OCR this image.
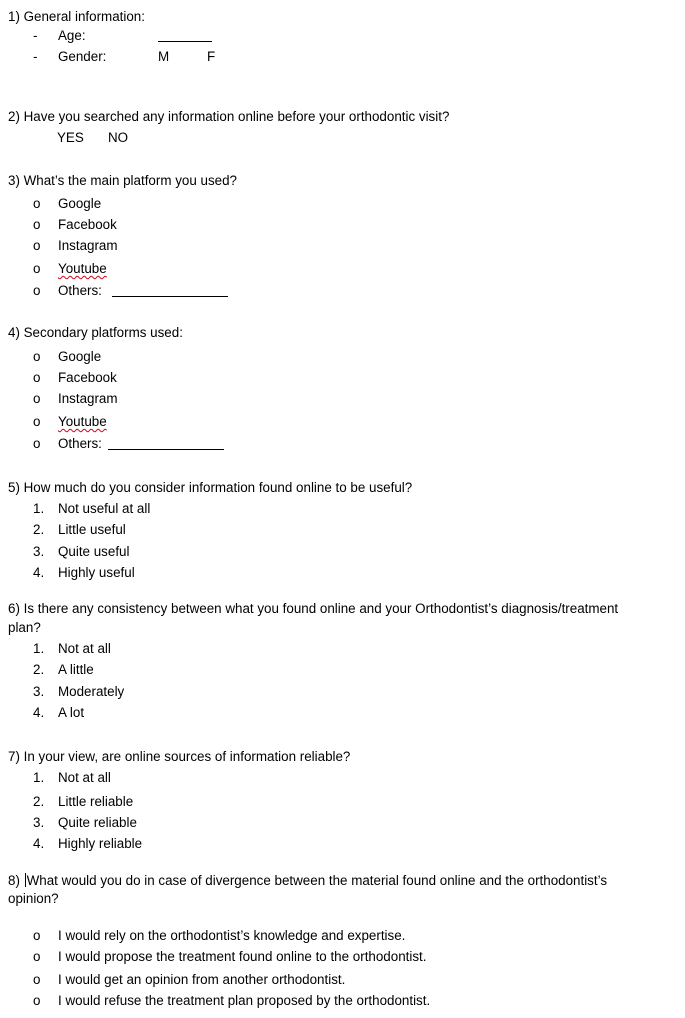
1) General information:
- Age:
- Gender:	M	F
2) Have you searched any information online before your orthodontic visit?
YES NO
3) What’s the main platform you used?
o Google
o Facebook
o Instagram
o Youtube
o Others:
4) Secondary platforms used:
o Google
o Facebook
o Instagram
o Youtube
o Others:
5) How much do you consider information found online to be useful?
1. Not useful at all
2. Little useful
3. Quite useful
4. Highly useful
6) Is there any consistency between what you found online and your Orthodontist’s diagnosis/treatment
plan?
1. Not at all
2. A little
3. Moderately
4. A lot
7) In your view, are online sources of information reliable?
1. Not at all
2. Little reliable
3. Quite reliable
4. Highly reliable
8) What would you do in case of divergence between the material found online and the orthodontist’s
opinion?
o I would rely on the orthodontist’s knowledge and expertise.
o I would propose the treatment found online to the orthodontist.
o I would get an opinion from another orthodontist.
o I would refuse the treatment plan proposed by the orthodontist.
